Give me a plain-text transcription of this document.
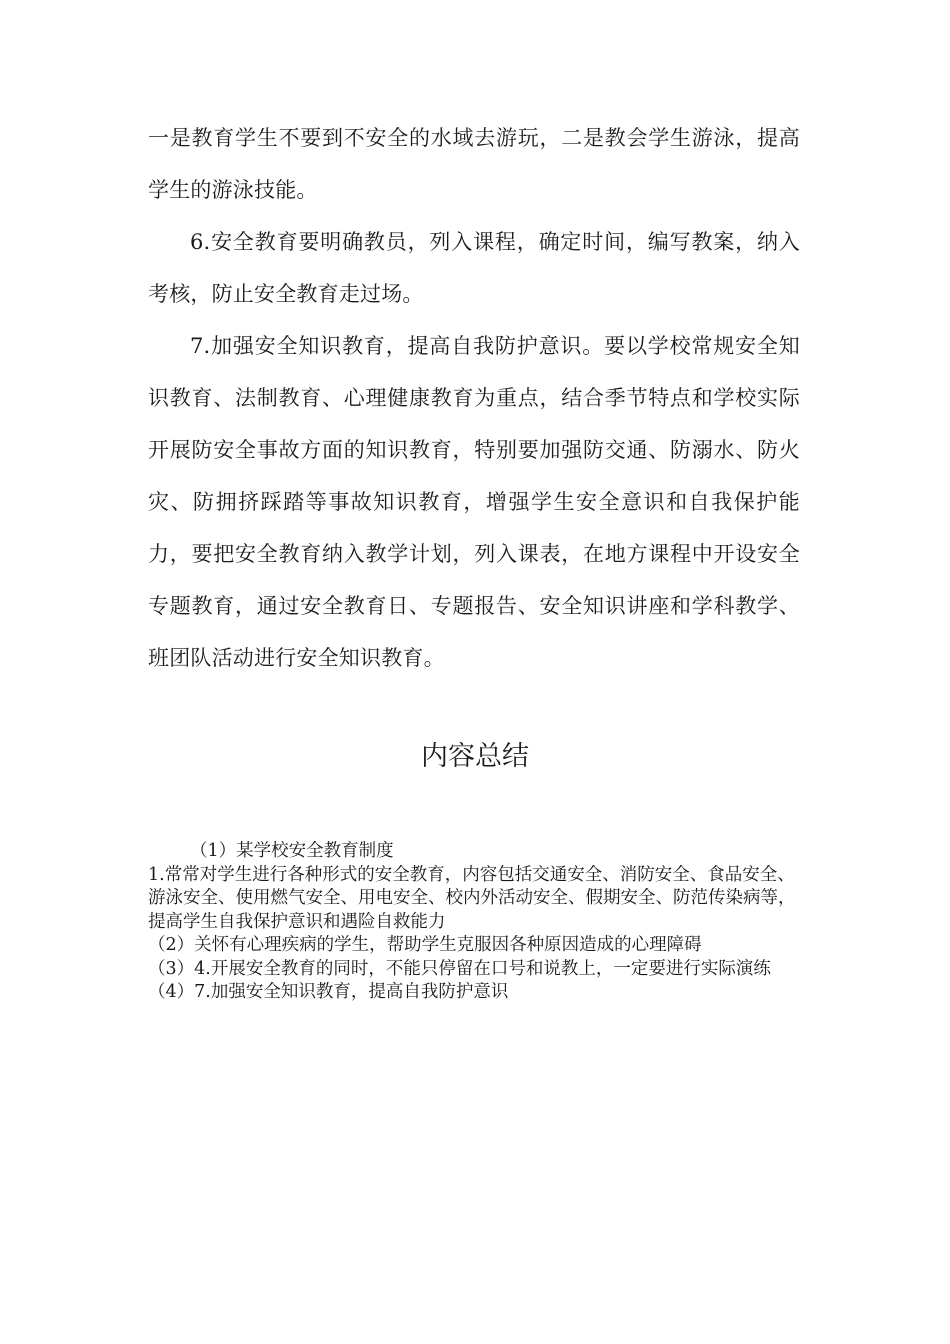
一是教育学生不要到不安全的水域去游玩，二是教会学生游泳，提高学生的游泳技能。

6.安全教育要明确教员，列入课程，确定时间，编写教案，纳入考核，防止安全教育走过场。

7.加强安全知识教育，提高自我防护意识。要以学校常规安全知识教育、法制教育、心理健康教育为重点，结合季节特点和学校实际开展防安全事故方面的知识教育，特别要加强防交通、防溺水、防火灾、防拥挤踩踏等事故知识教育，增强学生安全意识和自我保护能力，要把安全教育纳入教学计划，列入课表，在地方课程中开设安全专题教育，通过安全教育日、专题报告、安全知识讲座和学科教学、班团队活动进行安全知识教育。

内容总结

（1）某学校安全教育制度

1.常常对学生进行各种形式的安全教育，内容包括交通安全、消防安全、食品安全、游泳安全、使用燃气安全、用电安全、校内外活动安全、假期安全、防范传染病等，提高学生自我保护意识和遇险自救能力

（2）关怀有心理疾病的学生，帮助学生克服因各种原因造成的心理障碍

（3）4.开展安全教育的同时，不能只停留在口号和说教上，一定要进行实际演练

（4）7.加强安全知识教育，提高自我防护意识
